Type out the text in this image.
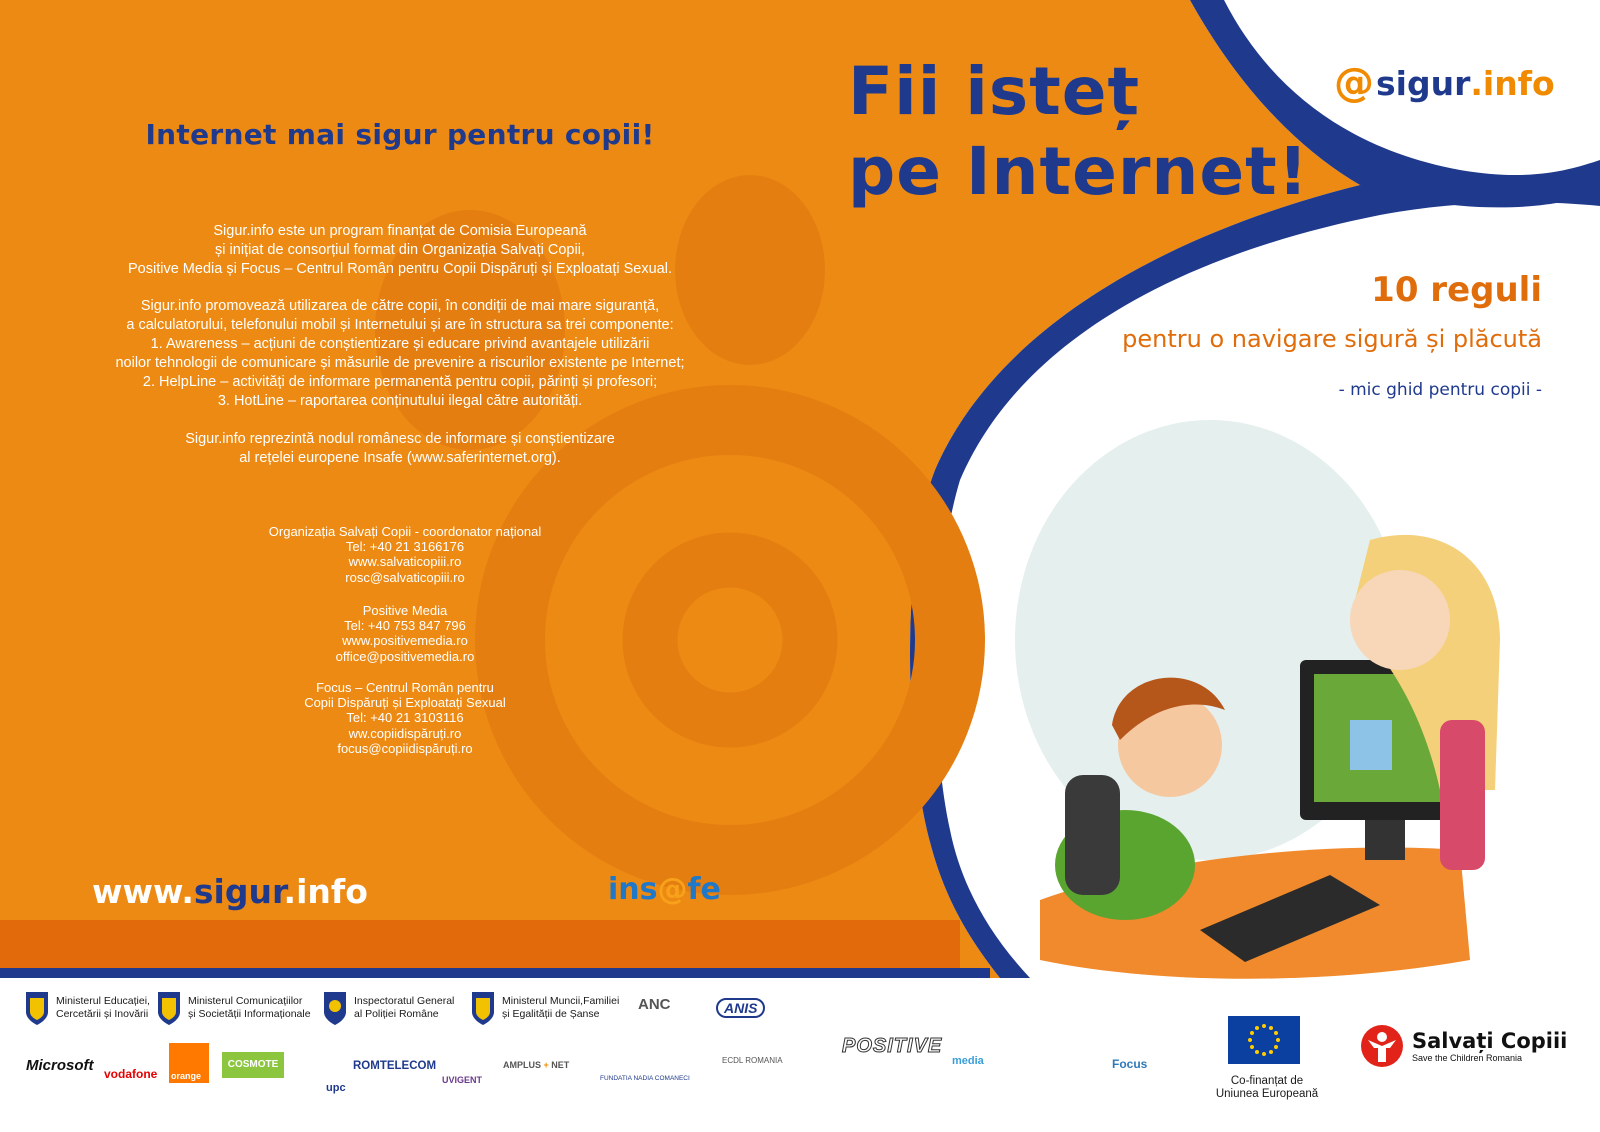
Internet mai sigur pentru copii!

Sigur.info este un program finanțat de Comisia Europeană

și inițiat de consorțiul format din Organizația Salvați Copii,

Positive Media și Focus – Centrul Român pentru Copii Dispăruți și Exploatați Sexual.

Sigur.info promovează utilizarea de către copii, în condiții de mai mare siguranță,

a calculatorului, telefonului mobil și Internetului și are în structura sa trei componente:

1. Awareness – acțiuni de conștientizare și educare privind avantajele utilizării

noilor tehnologii de comunicare și măsurile de prevenire a riscurilor existente pe Internet;

2. HelpLine – activități de informare permanentă pentru copii, părinți și profesori;

3. HotLine – raportarea conținutului ilegal către autorități.

Sigur.info reprezintă nodul românesc de informare și conștientizare

al rețelei europene Insafe (www.saferinternet.org).

Organizația Salvați Copii - coordonator național

Tel: +40 21 3166176

www.salvaticopiii.ro

rosc@salvaticopiii.ro

Positive Media

Tel: +40 753 847 796

www.positivemedia.ro

office@positivemedia.ro

Focus – Centrul Român pentru

Copii Dispăruți și Exploatați Sexual

Tel: +40 21 3103116

ww.copiidispăruți.ro

focus@copiidispăruți.ro

www.sigur.info	ins@fe
@ sigur .info
Fii isteț
pe Internet!
10 reguli
pentru o navigare sigură și plăcută
- mic ghid pentru copii -
Ministerul Educației,
Cercetării și Inovării
Ministerul Comunicațiilor
și Societății Informaționale
Inspectoratul General
al Poliției Române
Ministerul Muncii,Familiei
și Egalității de Șanse
ANC	ANIS
Microsoft vodafone orange
COSMOTE
upc
ROMTELECOM
UVIGENT
AMPLUS + NET
FUNDATIA NADIA COMANECI
ECDL ROMANIA
POSITIVE
media	Focus
Co-finanțat de
Uniunea Europeană
Salvați Copiii
Save the Children Romania
